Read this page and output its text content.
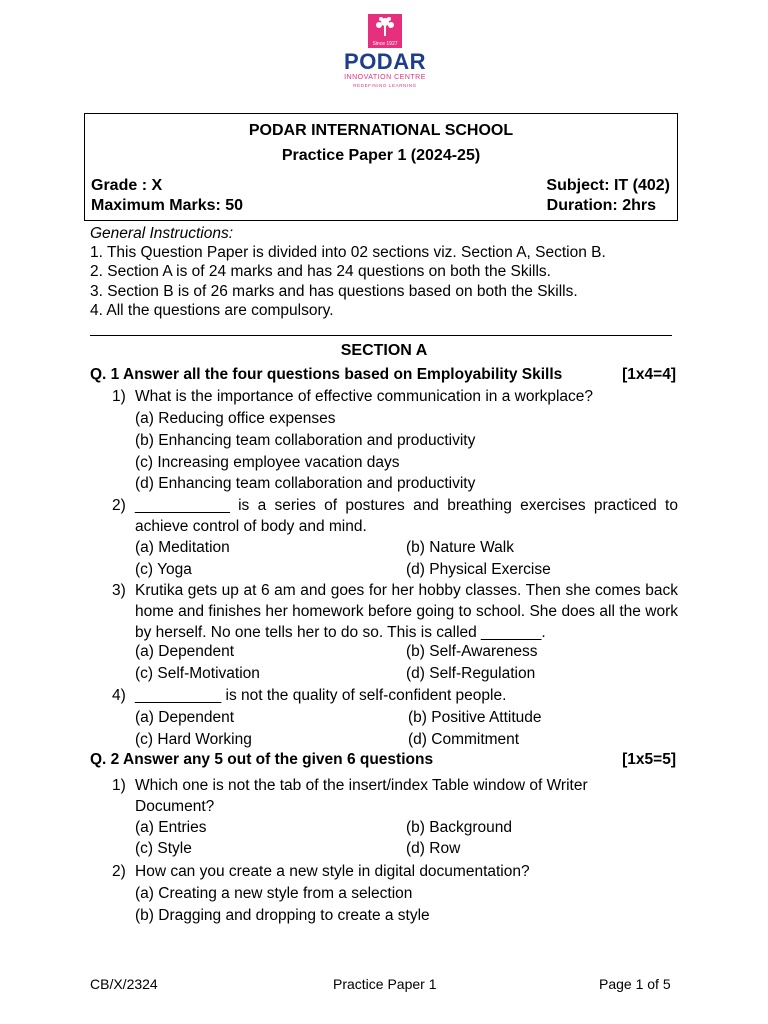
Since 1927
PODAR
INNOVATION CENTRE
REDEFINING LEARNING
PODAR INTERNATIONAL SCHOOL
Practice Paper 1 (2024-25)
Grade : X	Subject: IT (402)
Maximum Marks: 50	Duration: 2hrs
General Instructions:
1. This Question Paper is divided into 02 sections viz. Section A, Section B.
2. Section A is of 24 marks and has 24 questions on both the Skills.
3. Section B is of 26 marks and has questions based on both the Skills.
4. All the questions are compulsory.
SECTION A
Q. 1 Answer all the four questions based on Employability Skills	[1x4=4]
1) What is the importance of effective communication in a workplace?
(a) Reducing office expenses
(b) Enhancing team collaboration and productivity
(c) Increasing employee vacation days
(d) Enhancing team collaboration and productivity
2) ___________ is a series of postures and breathing exercises practiced to achieve control of body and mind.
(a) Meditation	(b) Nature Walk
(c) Yoga	(d) Physical Exercise
3) Krutika gets up at 6 am and goes for her hobby classes. Then she comes back home and finishes her homework before going to school. She does all the work by herself. No one tells her to do so. This is called _______.
(a) Dependent	(b) Self-Awareness
(c) Self-Motivation	(d) Self-Regulation
4) __________ is not the quality of self-confident people.
(a) Dependent	(b) Positive Attitude
(c) Hard Working	(d) Commitment
Q. 2 Answer any 5 out of the given 6 questions	[1x5=5]
1) Which one is not the tab of the insert/index Table window of Writer Document?
(a) Entries	(b) Background
(c) Style	(d) Row
2) How can you create a new style in digital documentation?
(a) Creating a new style from a selection
(b) Dragging and dropping to create a style
CB/X/2324	Practice Paper 1	Page 1 of 5
